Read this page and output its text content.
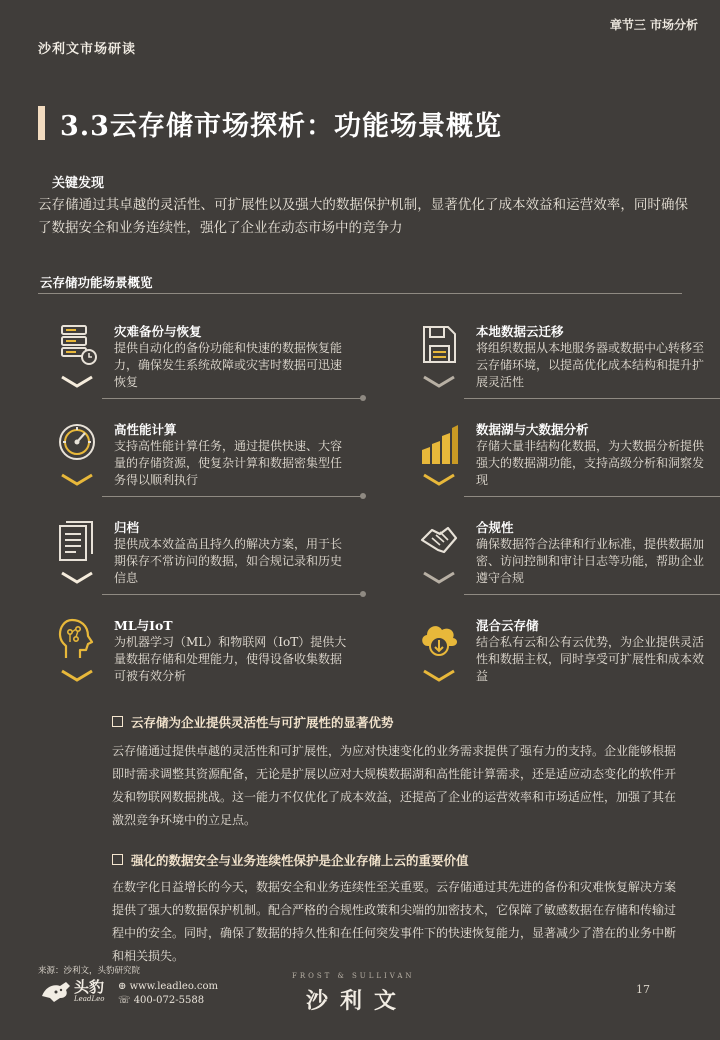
沙利文市场研读
章节三 市场分析
3.3云存储市场探析：功能场景概览
关键发现
云存储通过其卓越的灵活性、可扩展性以及强大的数据保护机制，显著优化了成本效益和运营效率，同时确保了数据安全和业务连续性，强化了企业在动态市场中的竞争力
云存储功能场景概览
灾难备份与恢复
提供自动化的备份功能和快速的数据恢复能力，确保发生系统故障或灾害时数据可迅速恢复
本地数据云迁移
将组织数据从本地服务器或数据中心转移至云存储环境，以提高优化成本结构和提升扩展灵活性
高性能计算
支持高性能计算任务，通过提供快速、大容量的存储资源，使复杂计算和数据密集型任务得以顺利执行
数据湖与大数据分析
存储大量非结构化数据，为大数据分析提供强大的数据湖功能，支持高级分析和洞察发现
归档
提供成本效益高且持久的解决方案，用于长期保存不常访问的数据，如合规记录和历史信息
合规性
确保数据符合法律和行业标准，提供数据加密、访问控制和审计日志等功能，帮助企业遵守合规
ML与IoT
为机器学习（ML）和物联网（IoT）提供大量数据存储和处理能力，使得设备收集数据可被有效分析
混合云存储
结合私有云和公有云优势，为企业提供灵活性和数据主权，同时享受可扩展性和成本效益
云存储为企业提供灵活性与可扩展性的显著优势
云存储通过提供卓越的灵活性和可扩展性，为应对快速变化的业务需求提供了强有力的支持。企业能够根据即时需求调整其资源配备，无论是扩展以应对大规模数据湖和高性能计算需求，还是适应动态变化的软件开发和物联网数据挑战。这一能力不仅优化了成本效益，还提高了企业的运营效率和市场适应性，加强了其在激烈竞争环境中的立足点。
强化的数据安全与业务连续性保护是企业存储上云的重要价值
在数字化日益增长的今天，数据安全和业务连续性至关重要。云存储通过其先进的备份和灾难恢复解决方案提供了强大的数据保护机制。配合严格的合规性政策和尖端的加密技术，它保障了敏感数据在存储和传输过程中的安全。同时，确保了数据的持久性和在任何突发事件下的快速恢复能力，显著减少了潜在的业务中断和相关损失。
来源：沙利文，头豹研究院
头豹
LeadLeo
⊕ www.leadleo.com
☏ 400-072-5588
FROST & SULLIVAN
沙利文	17
